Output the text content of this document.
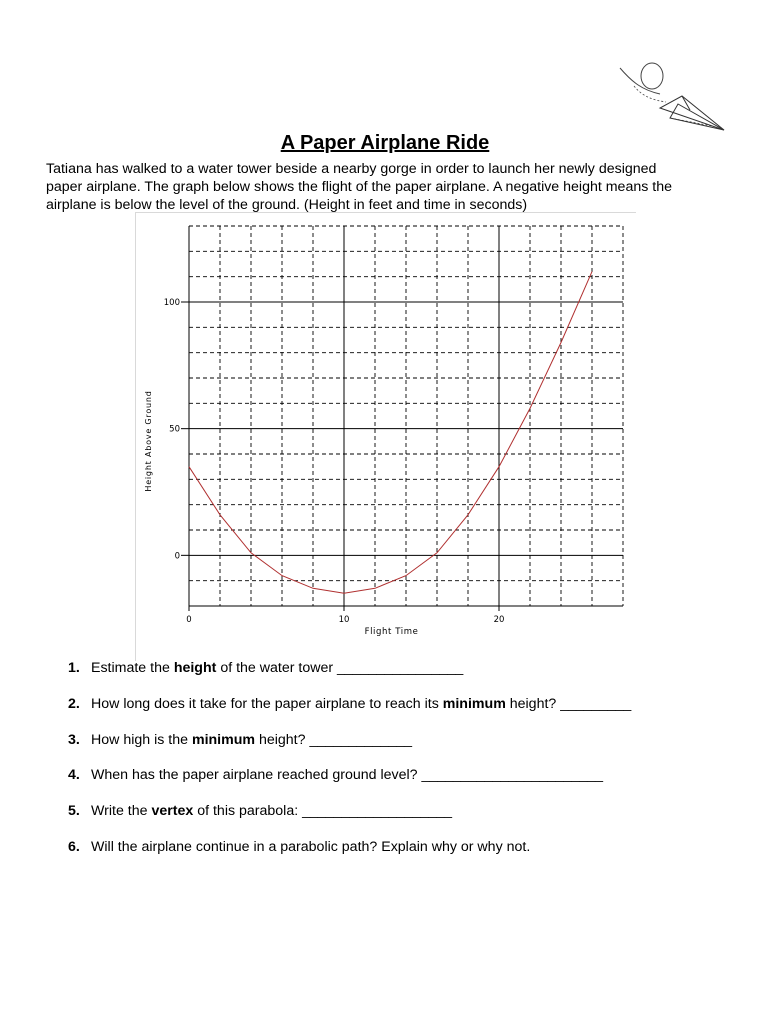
A Paper Airplane Ride
Tatiana has walked to a water tower beside a nearby gorge in order to launch her newly designed
paper airplane. The graph below shows the flight of the paper airplane. A negative height means the
airplane is below the level of the ground. (Height in feet and time in seconds)
0	10	20
0
50
100
Flight Time
Height Above Ground
1. Estimate the height of the water tower ________________
2. How long does it take for the paper airplane to reach its minimum height? _________
3. How high is the minimum height? _____________
4. When has the paper airplane reached ground level? _______________________
5. Write the vertex of this parabola: ___________________
6. Will the airplane continue in a parabolic path? Explain why or why not.
